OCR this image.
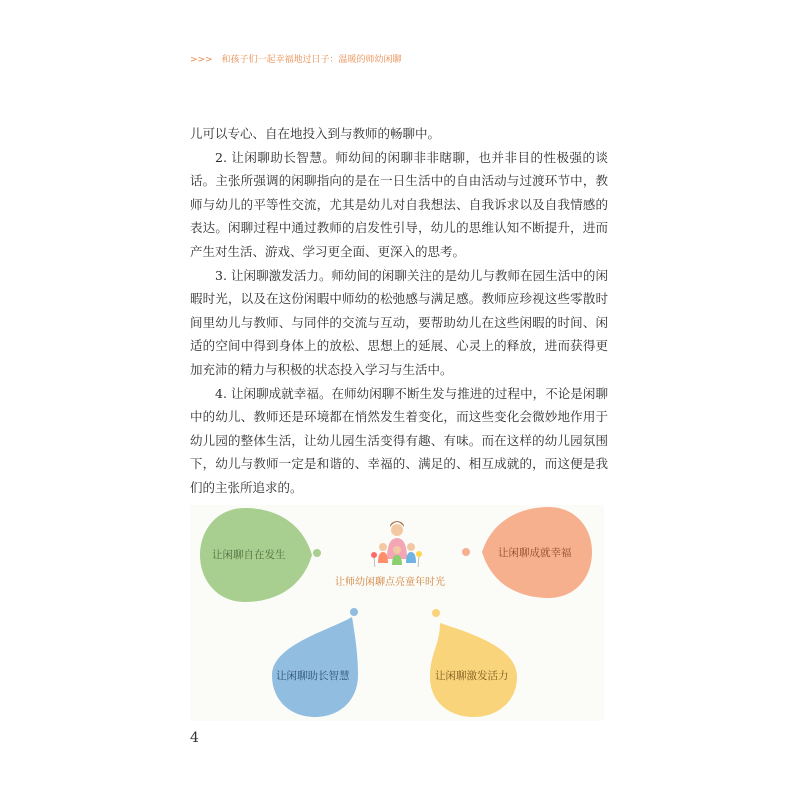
>>> 和孩子们一起幸福地过日子：温暖的师幼闲聊

儿可以专心、自在地投入到与教师的畅聊中。

2. 让闲聊助长智慧。师幼间的闲聊非非瞎聊，也并非目的性极强的谈话。主张所强调的闲聊指向的是在一日生活中的自由活动与过渡环节中，教师与幼儿的平等性交流，尤其是幼儿对自我想法、自我诉求以及自我情感的表达。闲聊过程中通过教师的启发性引导，幼儿的思维认知不断提升，进而产生对生活、游戏、学习更全面、更深入的思考。

3. 让闲聊激发活力。师幼间的闲聊关注的是幼儿与教师在园生活中的闲暇时光，以及在这份闲暇中师幼的松弛感与满足感。教师应珍视这些零散时间里幼儿与教师、与同伴的交流与互动，要帮助幼儿在这些闲暇的时间、闲适的空间中得到身体上的放松、思想上的延展、心灵上的释放，进而获得更加充沛的精力与积极的状态投入学习与生活中。

4. 让闲聊成就幸福。在师幼闲聊不断生发与推进的过程中，不论是闲聊中的幼儿、教师还是环境都在悄然发生着变化，而这些变化会微妙地作用于幼儿园的整体生活，让幼儿园生活变得有趣、有味。而在这样的幼儿园氛围下，幼儿与教师一定是和谐的、幸福的、满足的、相互成就的，而这便是我们的主张所追求的。

让闲聊自在发生	让闲聊成就幸福
让闲聊助长智慧	让闲聊激发活力
让师幼闲聊点亮童年时光
4
